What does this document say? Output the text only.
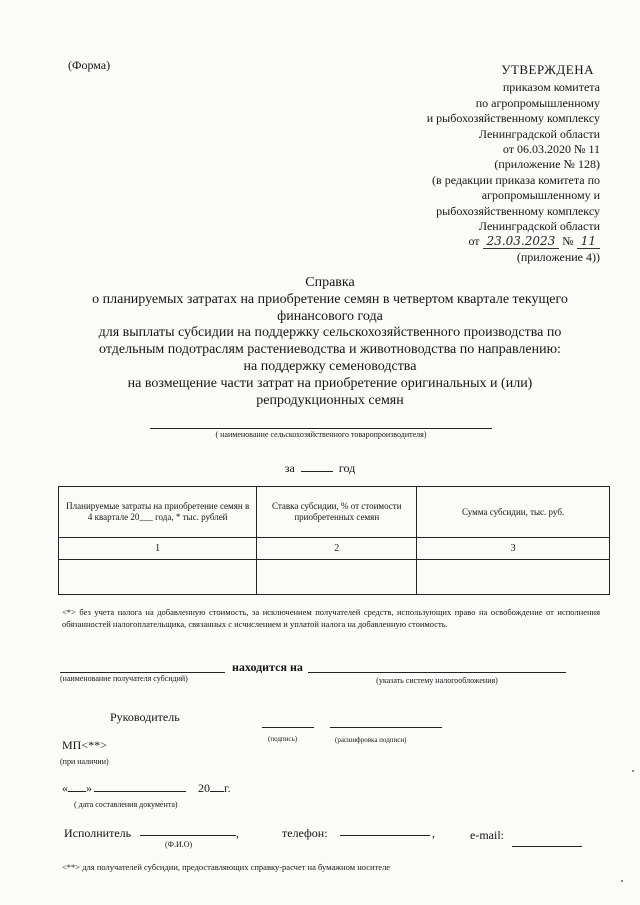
(Форма)	УТВЕРЖДЕНА
приказом комитета
по агропромышленному
и рыбохозяйственному комплексу
Ленинградской области
от 06.03.2020 № 11
(приложение № 128)
(в редакции приказа комитета по
агропромышленному и
рыбохозяйственному комплексу
Ленинградской области
от 23.03.2023 № 11
(приложение 4))
Справка
о планируемых затратах на приобретение семян в четвертом квартале текущего
финансового года
для выплаты субсидии на поддержку сельскохозяйственного производства по
отдельным подотраслям растениеводства и животноводства по направлению:
на поддержку семеноводства
на возмещение части затрат на приобретение оригинальных и (или)
репродукционных семян
( наименование сельскохозяйственного товаропроизводителя)
за	год
Планируемые затраты на приобретение семян в 4 квартале 20___ года, * тыс. рублей	Ставка субсидии, % от стоимости приобретенных семян	Сумма субсидии, тыс. руб.
1	2	3

<*> без учета налога на добавленную стоимость, за исключением получателей средств, использующих право на освобождение от исполнения обязанностей налогоплательщика, связанных с исчислением и уплатой налога на добавленную стоимость.
(наименование получателя субсидий)
находится на
(указать систему налогообложения)
Руководитель
(подпись)	(расшифровка подписи)
МП<**>
(при наличии)
« »	20 г.
( дата составления документа)
Исполнитель	,
(Ф.И.О)
телефон:	,	e-mail:
<**> для получателей субсидии, предоставляющих справку-расчет на бумажном носителе
